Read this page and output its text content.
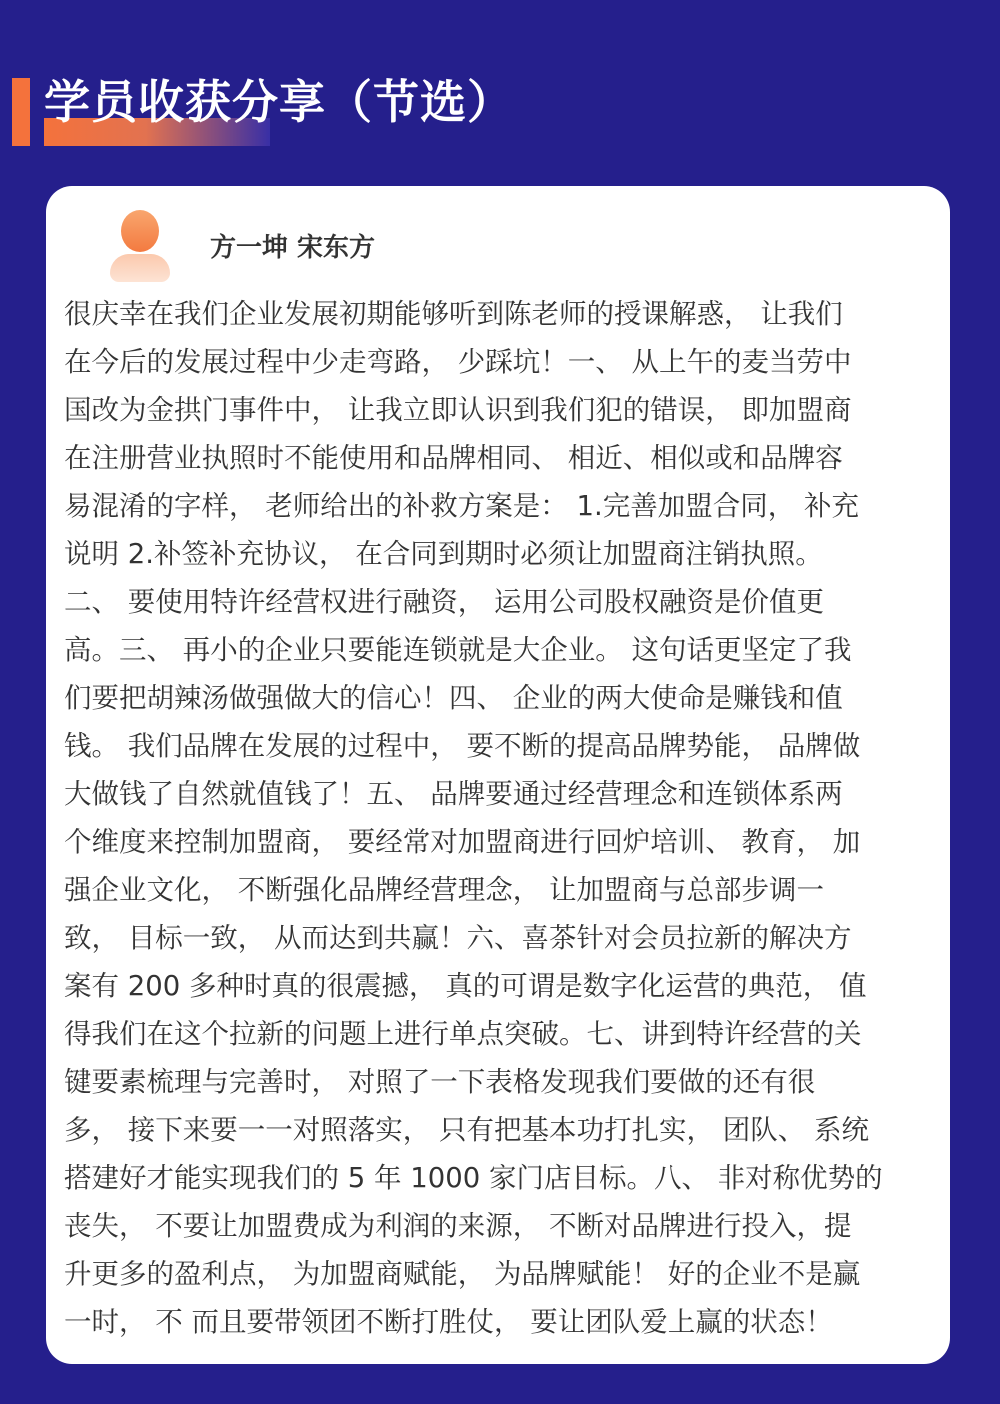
学员收获分享（节选）
方一坤 宋东方
很庆幸在我们企业发展初期能够听到陈老师的授课解惑， 让我们
在今后的发展过程中少走弯路， 少踩坑！一、 从上午的麦当劳中
国改为金拱门事件中， 让我立即认识到我们犯的错误， 即加盟商
在注册营业执照时不能使用和品牌相同、 相近、相似或和品牌容
易混淆的字样， 老师给出的补救方案是： 1.完善加盟合同， 补充
说明 2.补签补充协议， 在合同到期时必须让加盟商注销执照。
二、 要使用特许经营权进行融资， 运用公司股权融资是价值更
高。三、 再小的企业只要能连锁就是大企业。 这句话更坚定了我
们要把胡辣汤做强做大的信心！四、 企业的两大使命是赚钱和值
钱。 我们品牌在发展的过程中， 要不断的提高品牌势能， 品牌做
大做钱了自然就值钱了！五、 品牌要通过经营理念和连锁体系两
个维度来控制加盟商， 要经常对加盟商进行回炉培训、 教育， 加
强企业文化， 不断强化品牌经营理念， 让加盟商与总部步调一
致， 目标一致， 从而达到共赢！六、喜茶针对会员拉新的解决方
案有 200 多种时真的很震撼， 真的可谓是数字化运营的典范， 值
得我们在这个拉新的问题上进行单点突破。七、讲到特许经营的关
键要素梳理与完善时， 对照了一下表格发现我们要做的还有很
多， 接下来要一一对照落实， 只有把基本功打扎实， 团队、 系统
搭建好才能实现我们的 5 年 1000 家门店目标。八、 非对称优势的
丧失， 不要让加盟费成为利润的来源， 不断对品牌进行投入，提
升更多的盈利点， 为加盟商赋能， 为品牌赋能！ 好的企业不是赢
一时， 不 而且要带领团不断打胜仗， 要让团队爱上赢的状态！
